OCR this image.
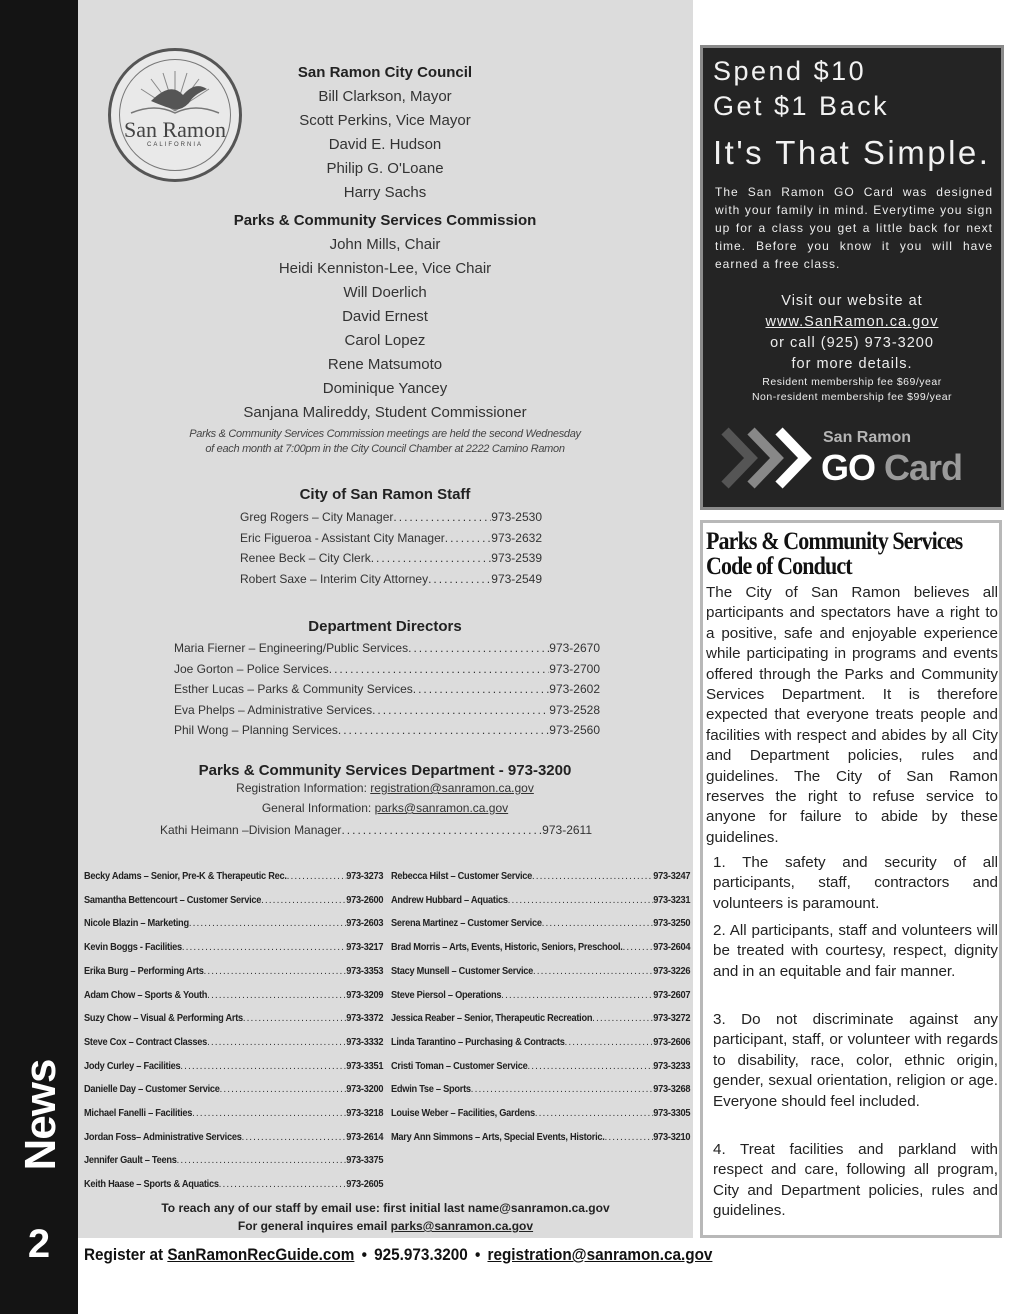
News
2
San Ramon
CALIFORNIA
San Ramon City Council
Bill Clarkson, Mayor
Scott Perkins, Vice Mayor
David E. Hudson
Philip G. O'Loane
Harry Sachs
Parks & Community Services Commission
John Mills, Chair
Heidi Kenniston-Lee, Vice Chair
Will Doerlich
David Ernest
Carol Lopez
Rene Matsumoto
Dominique Yancey
Sanjana Malireddy, Student Commissioner
Parks & Community Services Commission meetings are held the second Wednesday
of each month at 7:00pm in the City Council Chamber at 2222 Camino Ramon
City of San Ramon Staff
Greg Rogers – City Manager .....	973-2530
Eric Figueroa - Assistant City Manager .....	973-2632
Renee Beck – City Clerk .....	973-2539
Robert Saxe – Interim City Attorney .....	973-2549
Department Directors
Maria Fierner – Engineering/Public Services .....	973-2670
Joe Gorton – Police Services .....	973-2700
Esther Lucas – Parks & Community Services .....	973-2602
Eva Phelps – Administrative Services .....	973-2528
Phil Wong – Planning Services .....	973-2560
Parks & Community Services Department - 973-3200
Registration Information: registration@sanramon.ca.gov
General Information: parks@sanramon.ca.gov
Kathi Heimann –Division Manager .....	973-2611
Becky Adams – Senior, Pre-K & Therapeutic Rec. .....	973-3273
Samantha Bettencourt – Customer Service .....	973-2600
Nicole Blazin – Marketing .....	973-2603
Kevin Boggs - Facilities .....	973-3217
Erika Burg – Performing Arts .....	973-3353
Adam Chow – Sports & Youth .....	973-3209
Suzy Chow – Visual & Performing Arts .....	973-3372
Steve Cox – Contract Classes .....	973-3332
Jody Curley – Facilities .....	973-3351
Danielle Day – Customer Service .....	973-3200
Michael Fanelli – Facilities .....	973-3218
Jordan Foss– Administrative Services .....	973-2614
Jennifer Gault – Teens .....	973-3375
Keith Haase – Sports & Aquatics .....	973-2605
Rebecca Hilst – Customer Service .....	973-3247
Andrew Hubbard – Aquatics .....	973-3231
Serena Martinez – Customer Service .....	973-3250
Brad Morris – Arts, Events, Historic, Seniors, Preschool. .....	973-2604
Stacy Munsell – Customer Service .....	973-3226
Steve Piersol – Operations .....	973-2607
Jessica Reaber – Senior, Therapeutic Recreation .....	973-3272
Linda Tarantino – Purchasing & Contracts .....	973-2606
Cristi Toman – Customer Service .....	973-3233
Edwin Tse – Sports .....	973-3268
Louise Weber – Facilities, Gardens .....	973-3305
Mary Ann Simmons – Arts, Special Events, Historic. .....	973-3210
To reach any of our staff by email use: first initial last name@sanramon.ca.gov
For general inquires email parks@sanramon.ca.gov
Register at SanRamonRecGuide.com • 925.973.3200 • registration@sanramon.ca.gov
Spend $10
Get $1 Back
It's That Simple.
The San Ramon GO Card was designed with your family in mind. Everytime you sign up for a class you get a little back for next time. Before you know it you will have earned a free class.
Visit our website at
www.SanRamon.ca.gov
or call (925) 973-3200
for more details.
Resident membership fee $69/year
Non-resident membership fee $99/year
San Ramon
GO Card
Parks & Community Services
Code of Conduct
The City of San Ramon believes all participants and spectators have a right to a positive, safe and enjoyable experience while participating in programs and events offered through the Parks and Community Services Department. It is therefore expected that everyone treats people and facilities with respect and abides by all City and Department policies, rules and guidelines. The City of San Ramon reserves the right to refuse service to anyone for failure to abide by these guidelines.
1. The safety and security of all participants, staff, contractors and volunteers is paramount.
2. All participants, staff and volunteers will be treated with courtesy, respect, dignity and in an equitable and fair manner.
3. Do not discriminate against any participant, staff, or volunteer with regards to disability, race, color, ethnic origin, gender, sexual orientation, religion or age. Everyone should feel included.
4. Treat facilities and parkland with respect and care, following all program, City and Department policies, rules and guidelines.
